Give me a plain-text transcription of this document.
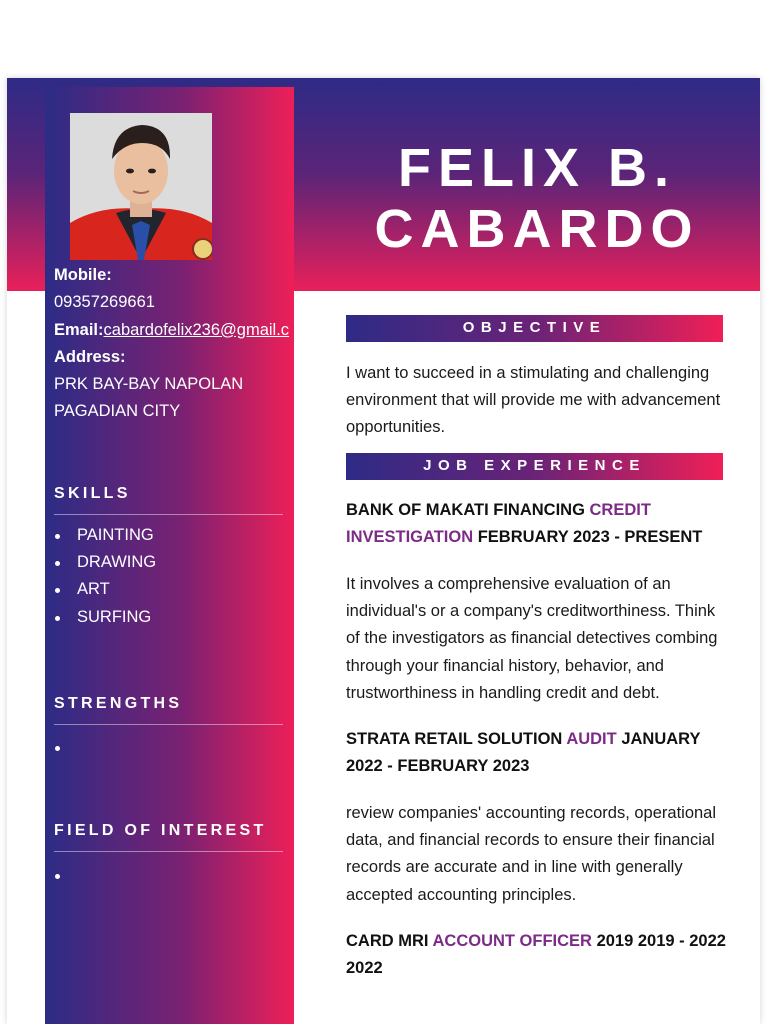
FELIX B.
CABARDO
Mobile:
09357269661
Email:cabardofelix236@gmail.c
Address:
PRK BAY-BAY NAPOLAN
PAGADIAN CITY
SKILLS
PAINTING
DRAWING
ART
SURFING
STRENGTHS
FIELD OF INTEREST
OBJECTIVE
I want to succeed in a stimulating and challenging environment that will provide me with advancement opportunities.
JOB EXPERIENCE
BANK OF MAKATI FINANCING CREDIT INVESTIGATION FEBRUARY 2023 - PRESENT
It involves a comprehensive evaluation of an individual's or a company's creditworthiness. Think of the investigators as financial detectives combing through your financial history, behavior, and trustworthiness in handling credit and debt.
STRATA RETAIL SOLUTION AUDIT JANUARY 2022 - FEBRUARY 2023
review companies' accounting records, operational data, and financial records to ensure their financial records are accurate and in line with generally accepted accounting principles.
CARD MRI ACCOUNT OFFICER 2019 2019 - 2022 2022
